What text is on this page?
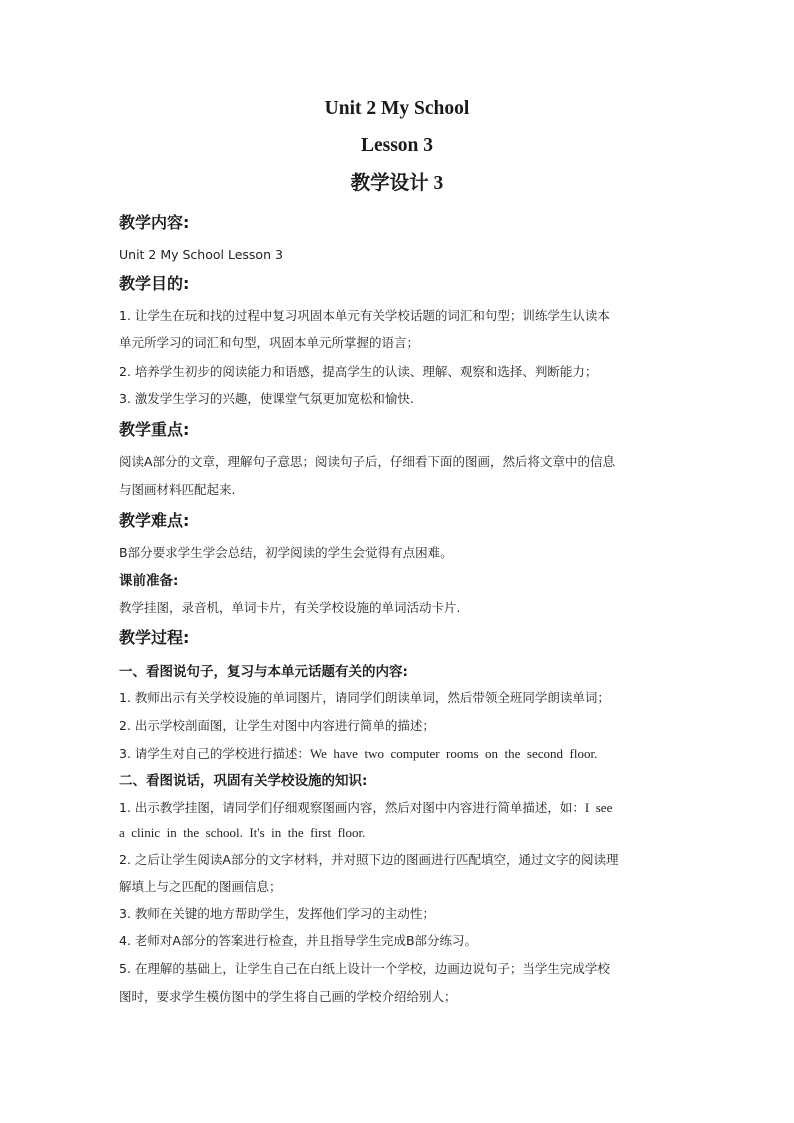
Unit 2 My School
Lesson 3
教学设计 3
教学内容:
Unit 2 My School Lesson 3
教学目的:
1. 让学生在玩和找的过程中复习巩固本单元有关学校话题的词汇和句型；训练学生认读本
单元所学习的词汇和句型，巩固本单元所掌握的语言；
2. 培养学生初步的阅读能力和语感，提高学生的认读、理解、观察和选择、判断能力；
3. 激发学生学习的兴趣，使课堂气氛更加宽松和愉快.
教学重点:
阅读A部分的文章，理解句子意思；阅读句子后，仔细看下面的图画，然后将文章中的信息
与图画材料匹配起来.
教学难点:
B部分要求学生学会总结，初学阅读的学生会觉得有点困难。
课前准备:
教学挂图，录音机，单词卡片，有关学校设施的单词活动卡片.
教学过程:
一、看图说句子，复习与本单元话题有关的内容:
1. 教师出示有关学校设施的单词图片，请同学们朗读单词，然后带领全班同学朗读单词；
2. 出示学校剖面图，让学生对图中内容进行简单的描述；
3. 请学生对自己的学校进行描述：We  have  two  computer  rooms  on  the  second  floor.
二、看图说话，巩固有关学校设施的知识:
1. 出示教学挂图，请同学们仔细观察图画内容，然后对图中内容进行简单描述，如：I  see
a  clinic  in  the  school.  It's  in  the  first  floor.
2. 之后让学生阅读A部分的文字材料，并对照下边的图画进行匹配填空，通过文字的阅读理
解填上与之匹配的图画信息；
3. 教师在关键的地方帮助学生，发挥他们学习的主动性；
4. 老师对A部分的答案进行检查，并且指导学生完成B部分练习。
5. 在理解的基础上，让学生自己在白纸上设计一个学校，边画边说句子；当学生完成学校
图时，要求学生模仿图中的学生将自己画的学校介绍给别人；
